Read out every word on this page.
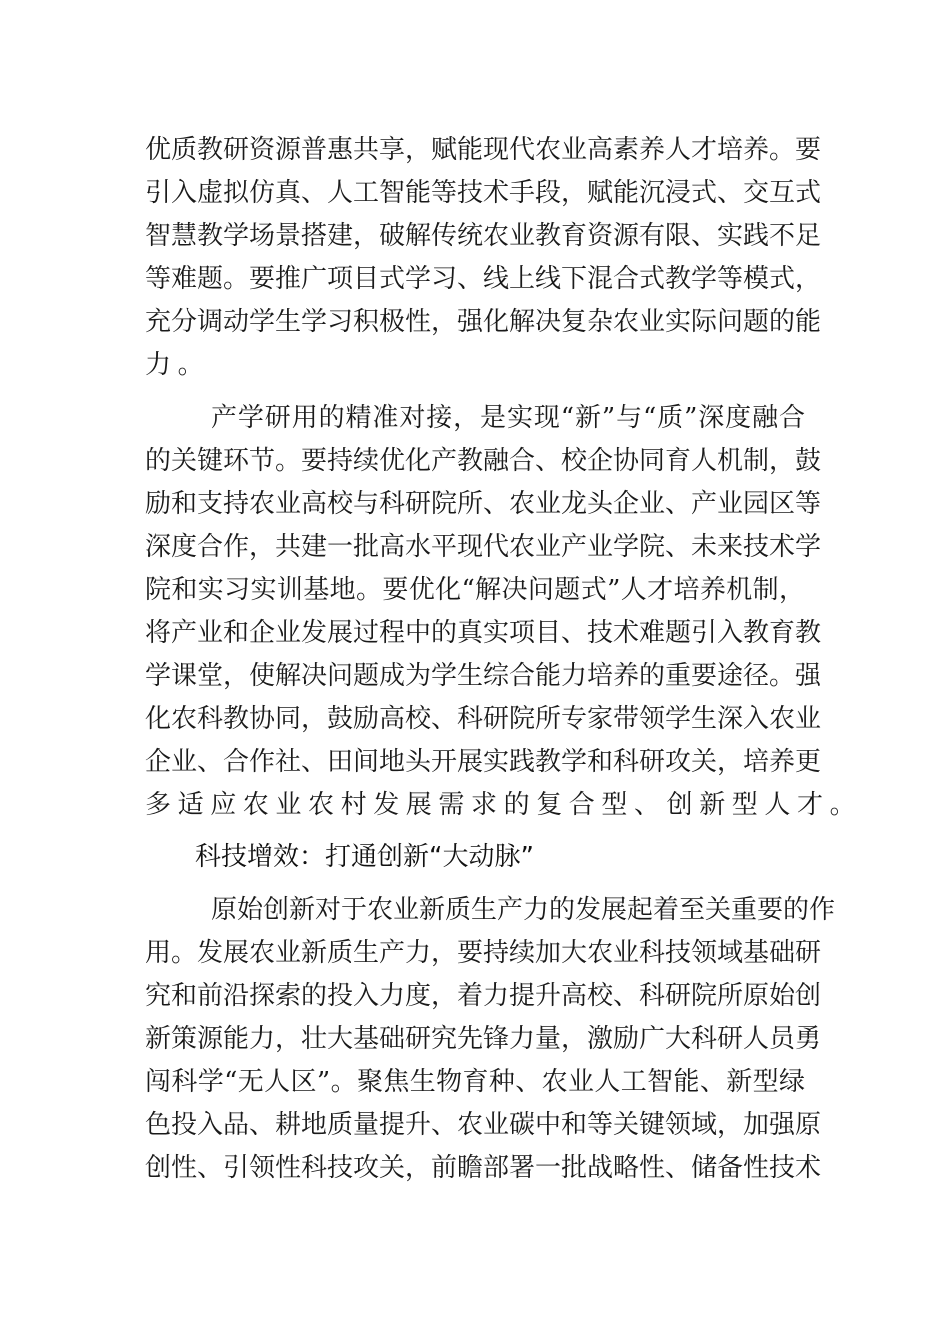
优质教研资源普惠共享，赋能现代农业高素养人才培养。要
引入虚拟仿真、人工智能等技术手段，赋能沉浸式、交互式
智慧教学场景搭建，破解传统农业教育资源有限、实践不足
等难题。要推广项目式学习、线上线下混合式教学等模式，
充分调动学生学习积极性，强化解决复杂农业实际问题的能
力。
产学研用的精准对接，是实现“新”与“质”深度融合
的关键环节。要持续优化产教融合、校企协同育人机制，鼓
励和支持农业高校与科研院所、农业龙头企业、产业园区等
深度合作，共建一批高水平现代农业产业学院、未来技术学
院和实习实训基地。要优化“解决问题式”人才培养机制，
将产业和企业发展过程中的真实项目、技术难题引入教育教
学课堂，使解决问题成为学生综合能力培养的重要途径。强
化农科教协同，鼓励高校、科研院所专家带领学生深入农业
企业、合作社、田间地头开展实践教学和科研攻关，培养更
多适应农业农村发展需求的复合型、创新型人才。
科技增效：打通创新“大动脉”
原始创新对于农业新质生产力的发展起着至关重要的作
用。发展农业新质生产力，要持续加大农业科技领域基础研
究和前沿探索的投入力度，着力提升高校、科研院所原始创
新策源能力，壮大基础研究先锋力量，激励广大科研人员勇
闯科学“无人区”。聚焦生物育种、农业人工智能、新型绿
色投入品、耕地质量提升、农业碳中和等关键领域，加强原
创性、引领性科技攻关，前瞻部署一批战略性、储备性技术
